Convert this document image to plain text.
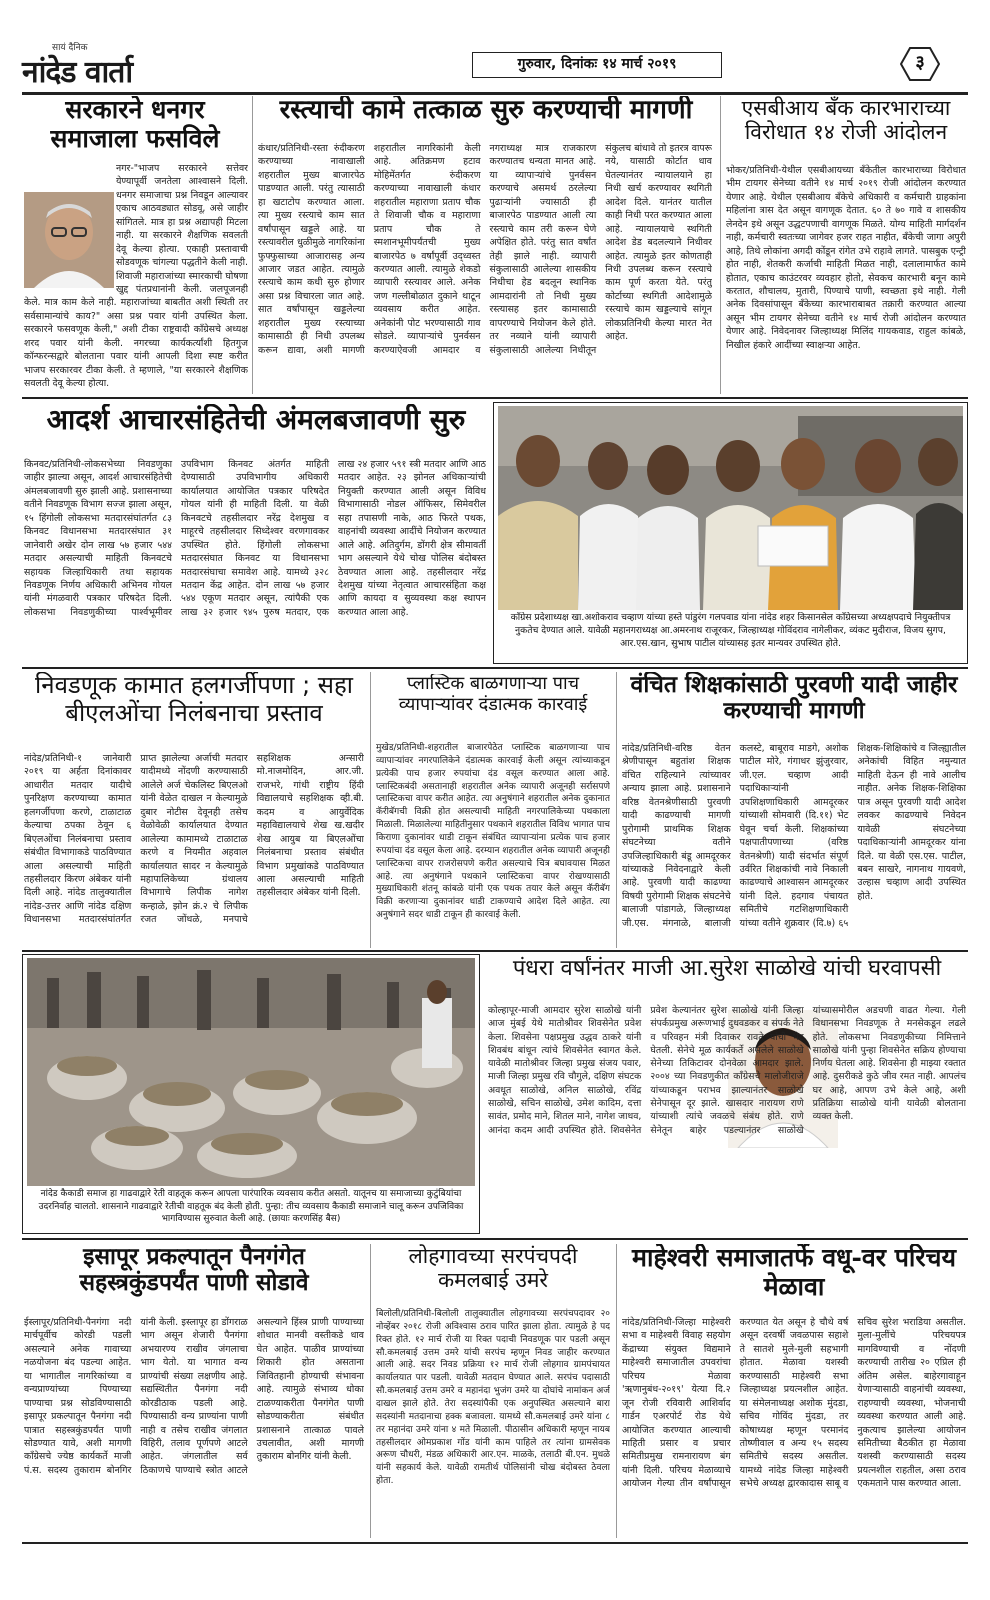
सायं दैनिक
नांदेड वार्ता	गुरुवार, दिनांकः १४ मार्च २०१९	३
सरकारने धनगर समाजाला फसविले
नगर-"भाजप सरकारने सत्तेवर येण्यापूर्वी जनतेला आश्वासने दिली. धनगर समाजाचा प्रश्न निवडून आल्यावर एकाच आठवड्यात सोडवू, असे जाहीर सांगितले. मात्र हा प्रश्न अद्यापही मिटला नाही. या सरकारने शैक्षणिक सवलती देवू केल्या होत्या. एकाही प्रस्तावाची सोडवणूक चांगल्या पद्धतीने केली नाही. शिवाजी महाराजांच्या स्मारकाची घोषणा खुद्द पंतप्रधानांनी केली. जलपूजनही केले. मात्र काम केले नाही. महाराजांच्या बाबतीत अशी स्थिती तर सर्वसामान्यांचे काय?" असा प्रश्न पवार यांनी उपस्थित केला. सरकारने फसवणूक केली," अशी टीका राष्ट्रवादी काँग्रेसचे अध्यक्ष शरद पवार यांनी केली. नगरच्या कार्यकर्त्यांशी हितगुज कॉन्फरन्सद्वारे बोलताना पवार यांनी आपली दिशा स्पष्ट करीत भाजप सरकारवर टीका केली. ते म्हणाले, "या सरकारने शैक्षणिक सवलती देवू केल्या होत्या.
रस्त्याची कामे तत्काळ सुरु करण्याची मागणी
कंधार/प्रतिनिधी-रस्ता रुंदीकरण करण्याच्या नावाखाली शहरातील मुख्य बाजारपेठ पाडण्यात आली. परंतु त्यासाठी हा खटाटोप करण्यात आला. त्या मुख्य रस्त्याचे काम सात वर्षांपासून खड्डले आहे. या रस्त्यावरील धुळीमुळे नागरिकांना फुफ्फुसाच्या आजारासह अन्य आजार जडत आहेत. त्यामुळे रस्त्याचे काम कधी सुरु होणार असा प्रश्न विचारला जात आहे. सात वर्षांपासून खड्डलेल्या शहरातील मुख्य रस्त्याच्या कामासाठी ही निधी उपलब्ध करून द्यावा, अशी मागणी शहरातील नागरिकांनी केली आहे. अतिक्रमण हटाव मोहिमेंतर्गत रुंदीकरण करण्याच्या नावाखाली कंधार शहरातील महाराणा प्रताप चौक ते शिवाजी चौक व महाराणा प्रताप चौक ते स्मशानभूमीपर्यंतची मुख्य बाजारपेठ ७ वर्षांपूर्वी उद्ध्वस्त करण्यात आली. त्यामुळे शेकडो व्यापारी रस्त्यावर आले. अनेक जण गल्लीबोळात दुकाने थाटून व्यवसाय करीत आहेत. अनेकांनी पोट भरण्यासाठी गाव सोडले. व्यापाऱ्यांचे पुनर्वसन करण्याऐवजी आमदार व नगराध्यक्ष मात्र राजकारण करण्यातच धन्यता मानत आहे. या व्यापाऱ्यांचे पुनर्वसन करण्याचे असमर्थ ठरलेल्या पुढाऱ्यांनी ज्यासाठी ही बाजारपेठ पाडण्यात आली त्या रस्त्याचे काम तरी करून घेणे अपेक्षित होते. परंतु सात वर्षांत तेही झाले नाही. व्यापारी संकुलासाठी आलेल्या शासकीय निधीचा हेड बदलून स्थानिक आमदारांनी तो निधी मुख्य रस्त्यासह इतर कामासाठी वापरण्याचे नियोजन केले होते. तर नव्याने यांनी व्यापारी संकुलासाठी आलेल्या निधीतून संकुलच बांधावे तो इतरत्र वापरू नये, यासाठी कोर्टात धाव घेतल्यानंतर न्यायालयाने हा निधी खर्च करण्यावर स्थगिती आदेश दिले. यानंतर यातील काही निधी परत करण्यात आला आहे. न्यायालयाचे स्थगिती आदेश डेड बदलल्याने निधीवर आहेत. त्यामुळे इतर कोणताही निधी उपलब्ध करून रस्त्याचे काम पूर्ण करता येते. परंतु कोर्टाच्या स्थगिती आदेशामुळे रस्त्याचे काम खड्डल्याचे सांगून लोकप्रतिनिधी केल्या मारत नेत आहेत.
एसबीआय बँक कारभाराच्या विरोधात १४ रोजी आंदोलन
भोकर/प्रतिनिधी-येथील एसबीआयच्या बँकेतील कारभाराच्या विरोधात भीम टायगर सेनेच्या वतीने १४ मार्च २०१९ रोजी आंदोलन करण्यात येणार आहे. येथील एसबीआय बँकेचे अधिकारी व कर्मचारी ग्राहकांना महिलांना त्रास देत असून वागणूक देतात. ६० ते ७० गावे व शासकीय लेनदेन इथे असून उद्धटपणाची वागणूक मिळते. योग्य माहिती मार्गदर्शन नाही, कर्मचारी स्वतःच्या जागेवर हजर राहत नाहीत, बँकेची जागा अपुरी आहे, तिथे लोकांना अगदी कोंडून रांगेत उभे राहावे लागते. पासबुक एन्ट्री होत नाही, शेतकरी कर्जाची माहिती मिळत नाही, दलालामार्फत कामे होतात, एकाच काउंटरवर व्यवहार होतो, सेवकच कारभारी बनून कामे करतात, शौचालय, मुतारी, पिण्याचे पाणी, स्वच्छता इथे नाही. गेली अनेक दिवसांपासून बँकेच्या कारभाराबाबत तक्रारी करण्यात आल्या असून भीम टायगर सेनेच्या वतीने १४ मार्च रोजी आंदोलन करण्यात येणार आहे. निवेदनावर जिल्हाध्यक्ष मिलिंद गायकवाड, राहुल कांबळे, निखील हंकारे आदींच्या स्वाक्षऱ्या आहेत.
आदर्श आचारसंहितेची अंमलबजावणी सुरु
किनवट/प्रतिनिधी-लोकसभेच्या निवडणुका जाहीर झाल्या असून, आदर्श आचारसंहितेची अंमलबजावणी सुरु झाली आहे. प्रशासनाच्या वतीने निवडणूक विभाग सज्ज झाला असून, १५ हिंगोली लोकसभा मतदारसंघांतर्गत ८३ किनवट विधानसभा मतदारसंघात ३१ जानेवारी अखेर दोन लाख ५७ हजार ५४४ मतदार असल्याची माहिती किनवटचे सहायक जिल्हाधिकारी तथा सहायक निवडणूक निर्णय अधिकारी अभिनव गोयल यांनी मंगळवारी पत्रकार परिषदेत दिली. लोकसभा निवडणुकीच्या पार्श्वभूमीवर उपविभाग किनवट अंतर्गत माहिती देण्यासाठी उपविभागीय अधिकारी कार्यालयात आयोजित पत्रकार परिषदेत गोयल यांनी ही माहिती दिली. या वेळी किनवटचे तहसीलदार नरेंद्र देशमुख व माहूरचे तहसीलदार सिध्देश्वर वरणगावकर उपस्थित होते. हिंगोली लोकसभा मतदारसंघात किनवट या विधानसभा मतदारसंघाचा समावेश आहे. यामध्ये ३२८ मतदान केंद्र आहेत. दोन लाख ५७ हजार ५४४ एकूण मतदार असून, त्यांपैकी एक लाख ३२ हजार ९४५ पुरुष मतदार, एक लाख २४ हजार ५९१ स्त्री मतदार आणि आठ मतदार आहेत. २३ झोनल अधिकाऱ्यांची नियुक्ती करण्यात आली असून विविध विभागासाठी नोडल ऑफिसर, सिमेवरील सहा तपासणी नाके, आठ फिरते पथक, वाहनांची व्यवस्था आदींचे नियोजन करण्यात आले आहे. अतिदुर्गम, डोंगरी क्षेत्र सीमावर्ती भाग असल्याने येथे चोख पोलिस बंदोबस्त ठेवण्यात आला आहे. तहसीलदार नरेंद्र देशमुख यांच्या नेतृत्वात आचारसंहिता कक्ष आणि कायदा व सुव्यवस्था कक्ष स्थापन करण्यात आला आहे.	कॉंग्रेस प्रदेशाध्यक्ष खा.अशोकराव चव्हाण यांच्या हस्ते पांडुरंग गलपवाड यांना नांदेड शहर किसानसेल कॉंग्रेसच्या अध्यक्षपदाचे नियुक्तीपत्र नुकतेच देण्यात आले. यावेळी महानगराध्यक्ष आ.अमरनाथ राजूरकर, जिल्हाध्यक्ष गोविंदराव नागेलीकर, व्यंकट मुदीराज, विजय सुगप, आर.एस.खान, सुभाष पाटील यांच्यासह इतर मान्यवर उपस्थित होते.
निवडणूक कामात हलगर्जीपणा ; सहा बीएलओंचा निलंबनाचा प्रस्ताव
नांदेड/प्रतिनिधी-१ जानेवारी २०१९ या अर्हता दिनांकावर आधारीत मतदार यादीचे पुनरिक्षण करण्याच्या कामात हलगर्जीपणा करणे, टाळाटाळ केल्याचा ठपका ठेवून ६ बिएलओंचा निलंबनाचा प्रस्ताव संबंधीत विभागाकडे पाठविण्यात आला असल्याची माहिती तहसीलदार किरण अंबेकर यांनी दिली आहे. नांदेड तालुक्यातील नांदेड-उत्तर आणि नांदेड दक्षिण विधानसभा मतदारसंघांतर्गत प्राप्त झालेल्या अर्जाची मतदार यादीमध्ये नोंदणी करण्यासाठी आलेले अर्ज चेकलिस्ट बिएलओ यांनी वेळेत दाखल न केल्यामुळे दुबार नोटीस देवूनही तसेच वेळोवेळी कार्यालयात देण्यात आलेल्या कामामध्ये टाळाटाळ करणे व नियमीत अहवाल कार्यालयात सादर न केल्यामुळे महापालिकेच्या ग्रंथालय विभागाचे लिपीक नागेश कन्हाळे, झोन क्रं.२ चे लिपीक रजत जोंधळे, मनपाचे सहशिक्षक अन्सारी मो.नाजमोदिन, आर.जी. राजभरे, गांधी राष्ट्रीय हिंदी विद्यालयाचे सहशिक्षक व्ही.बी. कदम व आयुर्वेदिक महाविद्यालयाचे शेख ख.खदीर शेख आयुब या बिएलओंचा निलंबनाचा प्रस्ताव संबंधीत विभाग प्रमुखांकडे पाठविण्यात आला असल्याची माहिती तहसीलदार अंबेकर यांनी दिली.
प्लास्टिक बाळगणाऱ्या पाच व्यापाऱ्यांवर दंडात्मक कारवाई
मुखेड/प्रतिनिधी-शहरातील बाजारपेठेत प्लास्टिक बाळगणाऱ्या पाच व्यापाऱ्यांवर नगरपालिकेने दंडात्मक कारवाई केली असून त्यांच्याकडून प्रत्येकी पाच हजार रुपयांचा दंड वसूल करण्यात आला आहे. प्लास्टिकबंदी असतानाही शहरातील अनेक व्यापारी अजूनही सर्रासपणे प्लास्टिकचा वापर करीत आहेत. त्या अनुषंगाने शहरातील अनेक दुकानात कॅरीबॅगची विक्री होत असल्याची माहिती नगरपालिकेच्या पथकाला मिळाली. मिळालेल्या माहितीनुसार पथकाने शहरातील विविध भागात पाच किराणा दुकानांवर धाडी टाकून संबंधित व्यापाऱ्यांना प्रत्येक पाच हजार रुपयांचा दंड वसूल केला आहे. दरम्यान शहरातील अनेक व्यापारी अजूनही प्लास्टिकचा वापर राजरोसपणे करीत असल्याचे चित्र बघावयास मिळत आहे. त्या अनुषंगाने पथकाने प्लास्टिकचा वापर रोखण्यासाठी मुख्याधिकारी शंतनू कांबळे यांनी एक पथक तयार केले असून कॅरीबॅग विक्री करणाऱ्या दुकानांवर धाडी टाकण्याचे आदेश दिले आहेत. त्या अनुषंगाने सदर धाडी टाकून ही कारवाई केली.
वंचित शिक्षकांसाठी पुरवणी यादी जाहीर करण्याची मागणी
नांदेड/प्रतिनिधी-वरिष्ठ वेतन श्रेणीपासून बहुतांश शिक्षक वंचित राहिल्याने त्यांच्यावर अन्याय झाला आहे. प्रशासनाने वरिष्ठ वेतनश्रेणीसाठी पुरवणी यादी काढण्याची मागणी पुरोगामी प्राथमिक शिक्षक संघटनेच्या वतीने उपजिल्हाधिकारी बंडू आमदूरकर यांच्याकडे निवेदनाद्वारे केली आहे. पुरवणी यादी काढण्या विषयी पुरोगामी शिक्षक संघटनेचे बालाजी पांडागळे, जिल्हाध्यक्ष जी.एस. मंगनाळे, बालाजी कलस्टे, बाबूराव माडगे, अशोक पाटील मोरे, गंगाधर झुंजुरवार, जी.एल. चव्हाण आदी पदाधिकाऱ्यांनी उपशिक्षणाधिकारी आमदूरकर यांच्याशी सोमवारी (दि.११) भेट घेवून चर्चा केली. शिक्षकांच्या पक्षपातीपणाच्या (वरिष्ठ वेतनश्रेणी) यादी संदर्भात संपूर्ण उर्वरित शिक्षकांची नावे निकाली काढण्याचे आश्वासन आमदूरकर यांनी दिले. हदगाव पंचायत समितीचे गटशिक्षणाधिकारी यांच्या वतीने शुक्रवार (दि.७) ६५ शिक्षक-शिक्षिकांचे व जिल्ह्यातील अनेकांची विहित नमुन्यात माहिती देऊन ही नावे आलीच नाहीत. अनेक शिक्षक-शिक्षिका पात्र असून पुरवणी यादी आदेश लवकर काढण्याचे निवेदन यावेळी संघटनेच्या पदाधिकाऱ्यांनी आमदूरकर यांना दिले. या वेळी एस.एस. पाटील, बबन साखरे, नागनाथ गायवणे, उल्हास चव्हाण आदी उपस्थित होते.
नांदेड कैकाडी समाज हा गाढवाद्वारे रेती वाहतूक करून आपला पारंपारिक व्यवसाय करीत असतो. यातूनच या समाजाच्या कुटुंबियांचा उदरनिर्वाह चालतो. शासनाने गाढवाद्वारे रेतीची वाहतूक बंद केली होती. पुन्हा: तीच व्यवसाय कैकाडी समाजाने चालू करून उपजिविका भागविण्यास सुरुवात केली आहे. (छायाः करणसिंह बैस)
पंधरा वर्षांनंतर माजी आ.सुरेश साळोखे यांची घरवापसी
कोल्हापूर-माजी आमदार सुरेश साळोखे यांनी आज मुंबई येथे मातोश्रीवर शिवसेनेत प्रवेश केला. शिवसेना पक्षप्रमुख उद्धव ठाकरे यांनी शिवबंध बांधून त्यांचे शिवसेनेत स्वागत केले. यावेळी मातोश्रीवर जिल्हा प्रमुख संजय पवार, माजी जिल्हा प्रमुख रवि चौगुले, दक्षिण संघटक अवधूत साळोखे, अनिल साळोखे, रविंद्र साळोखे, सचिन साळोखे, उमेश कादिम, दत्ता सावंत, प्रमोद माने, शितल माने, नागेश जाधव, आनंदा कदम आदी उपस्थित होते. शिवसेनेत प्रवेश केल्यानंतर सुरेश साळोखे यांनी जिल्हा संपर्कप्रमुख अरूणभाई दुधवडकर व संपर्क नेते व परिवहन मंत्री दिवाकर रावते यांची भेट घेतली. सेनेचे मूळ कार्यकर्ते असलेले साळोखे सेनेच्या तिकिटावर दोनवेळा आमदार झाले. २००४ च्या निवडणुकीत कॉंग्रेसचे मालोजीराजे यांच्याकडून पराभव झाल्यानंतर साळोखे सेनेपासून दूर झाले. खासदार नारायण राणे यांच्याशी त्यांचे जवळचे संबंध होते. राणे सेनेतून बाहेर पडल्यानंतर साळोखे यांच्यासमोरील अडचणी वाढत गेल्या. गेली विधानसभा निवडणूक ते मनसेकडून लढले होते. लोकसभा निवडणुकीच्या निमित्ताने साळोखे यांनी पुन्हा शिवसेनेत सक्रिय होण्याचा निर्णय घेतला आहे. शिवसेना ही माझ्या रक्तात आहे. दुसरीकडे कुठे जीव रमत नाही. आपलंच घर आहे, आपण उभे केले आहे, अशी प्रतिक्रिया साळोखे यांनी यावेळी बोलताना व्यक्त केली.
इसापूर प्रकल्पातून पैनगंगेत सहस्त्रकुंडपर्यंत पाणी सोडावे
ईस्लापूर/प्रतिनिधी-पैनगंगा नदी मार्चपूर्वीच कोरडी पडली असल्याने अनेक गावाच्या नळयोजना बंद पडल्या आहेत. या भागातील नागरिकांच्या व वन्यप्राण्यांच्या पिण्याच्या पाण्याचा प्रश्न सोडविण्यासाठी इसापूर प्रकल्पातून पैनगंगा नदी पात्रात सहस्त्रकुंडपर्यंत पाणी सोडण्यात यावे, अशी मागणी कॉंग्रेसचे ज्येष्ठ कार्यकर्ते माजी पं.स. सदस्य तुकाराम बोनगिर यांनी केली. इस्लापूर हा डोंगराळ भाग असून शेजारी पैनगंगा अभयारण्य राखीव जंगलाचा भाग येतो. या भागात वन्य प्राण्यांची संख्या लक्षणीय आहे. सद्यस्थितीत पैनगंगा नदी कोरडीठाक पडली आहे. पिण्यासाठी वन्य प्राण्यांना पाणी नाही व तसेच राखीव जंगलात विहिरी, तलाव पूर्णपणे आटले आहेत. जंगलातील सर्व ठिकाणचे पाण्याचे स्त्रोत आटले असल्याने हिंस्त्र प्राणी पाण्याच्या शोधात मानवी वस्तीकडे धाव घेत आहेत. पाळीव प्राण्यांच्या शिकारी होत असताना जिवितहानी होण्याची संभावना आहे. त्यामुळे संभाव्य धोका टाळण्याकरीता पैनगंगेत पाणी सोडण्याकरीता संबंधीत प्रशासनाने तात्काळ पावले उचलावीत, अशी मागणी तुकाराम बोनगिर यांनी केली.
लोहगावच्या सरपंचपदी कमलबाई उमरे
बिलोली/प्रतिनिधी-बिलोली तालुक्यातील लोहगावच्या सरपंचपदावर २० नोव्हेंबर २०१८ रोजी अविश्वास ठराव पारित झाला होता. त्यामुळे हे पद रिक्त होते. १२ मार्च रोजी या रिक्त पदाची निवडणूक पार पडली असून सौ.कमलबाई उत्तम उमरे यांची सरपंच म्हणून निवड जाहीर करण्यात आली आहे. सदर निवड प्रक्रिया १२ मार्च रोजी लोहगाव ग्रामपंचायत कार्यालयात पार पडली. यावेळी मतदान घेण्यात आले. सरपंच पदासाठी सौ.कमलबाई उत्तम उमरे व महानंदा भुजंग उमरे या दोघांचे नामांकन अर्ज दाखल झाले होते. तेरा सदस्यांपैकी एक अनुपस्थित असल्याने बारा सदस्यांनी मतदानाचा हक्क बजावला. यामध्ये सौ.कमलबाई उमरे यांना ८ तर महानंदा उमरे यांना ४ मते मिळाली. पीठासीन अधिकारी म्हणून नायब तहसीलदार ओमप्रकाश गोंड यांनी काम पाहिले तर त्यांना ग्रामसेवक अरूण चौधरी, मंडळ अधिकारी आर.एन. माळके, तलाठी बी.एन. मुधळे यांनी सहकार्य केले. यावेळी रामतीर्थ पोलिसांनी चोख बंदोबस्त ठेवला होता.
माहेश्वरी समाजातर्फे वधू-वर परिचय मेळावा
नांदेड/प्रतिनिधी-जिल्हा माहेश्वरी सभा व माहेश्वरी विवाह सहयोग केंद्राच्या संयुक्त विद्यमाने माहेश्वरी समाजातील उपवरांचा परिचय मेळावा 'ऋणानुबंध-२०१९' येत्या दि.२ जून रोजी रविवारी आशिर्वाद गार्डन एअरपोर्ट रोड येथे आयोजित करण्यात आल्याची माहिती प्रसार व प्रचार समितीप्रमुख रामनारायण बंग यांनी दिली. परिचय मेळाव्याचे आयोजन गेल्या तीन वर्षांपासून करण्यात येत असून हे चौथे वर्ष असून दरवर्षी जवळपास सहाशे ते सातशे मुले-मुली सहभागी होतात. मेळावा यशस्वी करण्यासाठी माहेश्वरी सभा जिल्हाध्यक्ष प्रयत्नशील आहेत. या संमेलनाध्यक्ष अशोक मुंदडा, सचिव गोविंद मुंदडा, तर कोषाध्यक्ष म्हणून परमानंद तोष्णीवाल व अन्य १५ सदस्य समितीचे सदस्य असतील. यामध्ये नांदेड जिल्हा माहेश्वरी सभेचे अध्यक्ष द्वारकादास साबू व सचिव सुरेश भराडिया असतील. मुला-मुलींचे परिचयपत्र मागविण्याची व नोंदणी करण्याची तारीख २० एप्रिल ही अंतिम असेल. बाहेरगावाहून येणाऱ्यासाठी वाहनांची व्यवस्था, राहण्याची व्यवस्था, भोजनाची व्यवस्था करण्यात आली आहे. नुकत्याच झालेल्या आयोजन समितीच्या बैठकीत हा मेळावा यशस्वी करण्यासाठी सदस्य प्रयत्नशील राहतील, असा ठराव एकमताने पास करण्यात आला.
